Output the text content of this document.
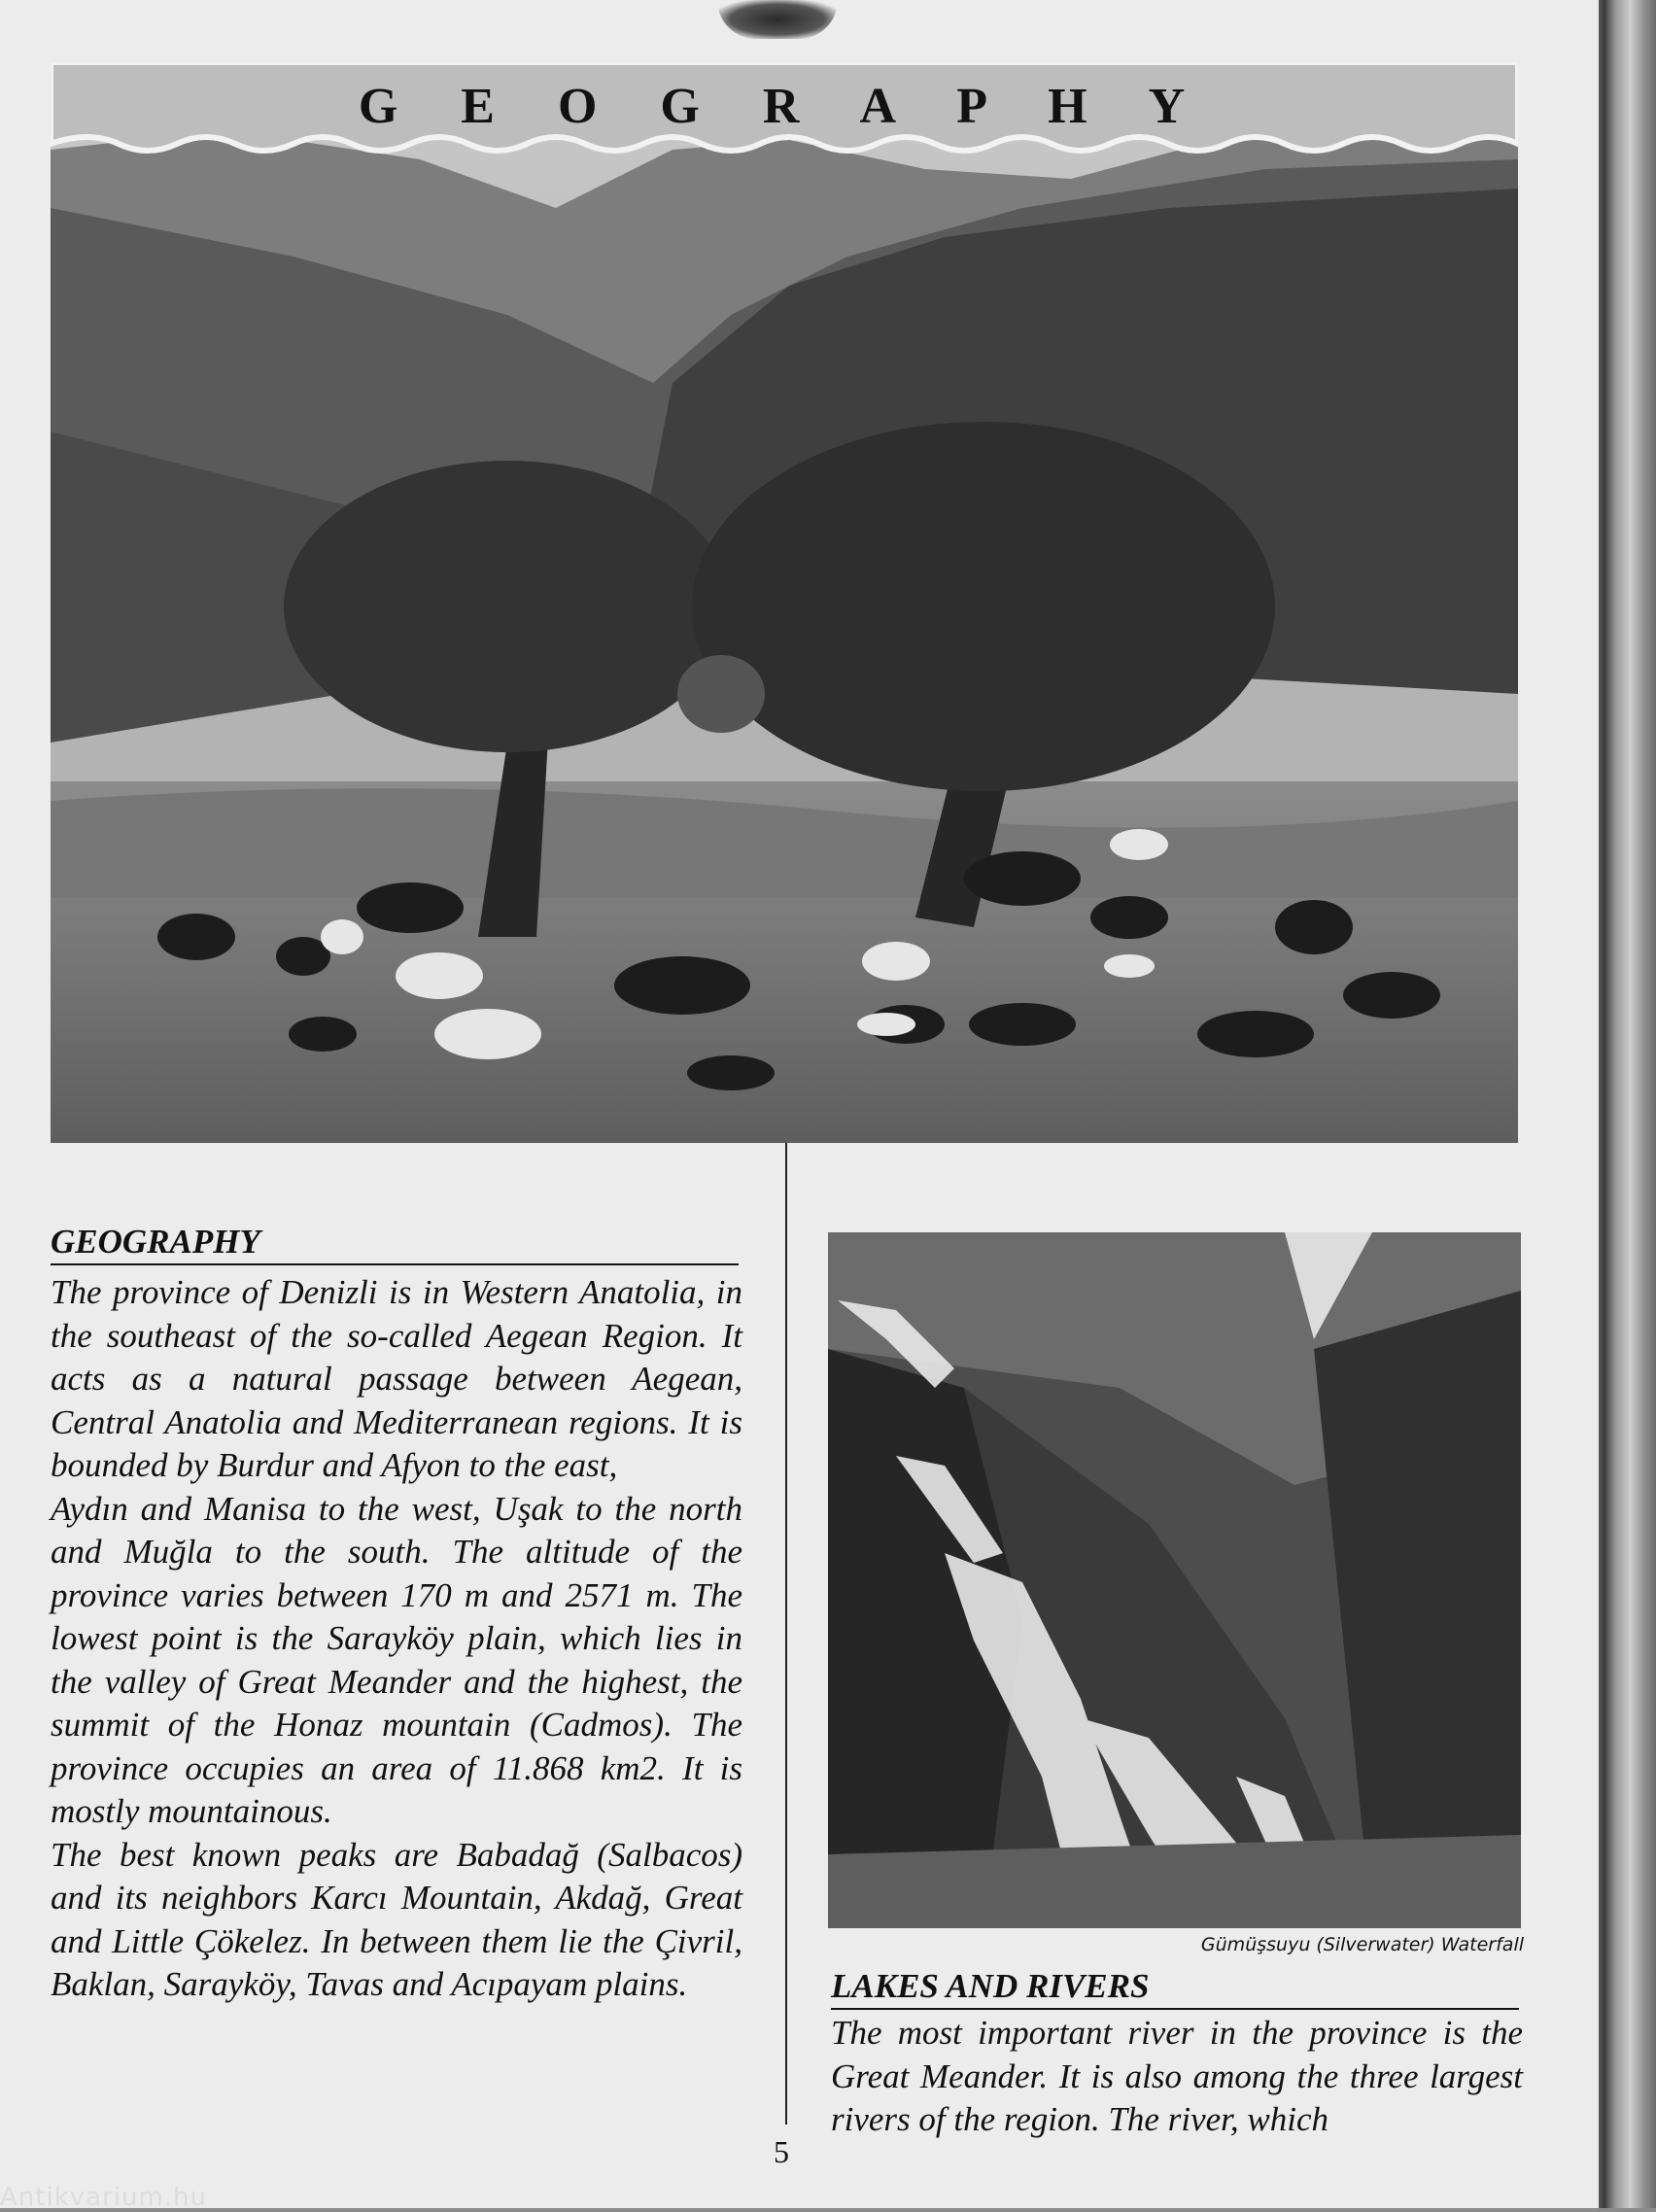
G E O G R A P H Y
GEOGRAPHY

The province of Denizli is in Western Anatolia, in the southeast of the so-called Aegean Region. It acts as a natural passage between Aegean, Central Anatolia and Mediterranean regions. It is bounded by Burdur and Afyon to the east,

Aydın and Manisa to the west, Uşak to the north and Muğla to the south. The altitude of the province varies between 170 m and 2571 m. The lowest point is the Sarayköy plain, which lies in the valley of Great Meander and the highest, the summit of the Honaz mountain (Cadmos). The province occupies an area of 11.868 km2. It is mostly mountainous.

The best known peaks are Babadağ (Salbacos) and its neighbors Karcı Mountain, Akdağ, Great and Little Çökelez. In between them lie the Çivril, Baklan, Sarayköy, Tavas and Acıpayam plains.

Gümüşsuyu (Silverwater) Waterfall
LAKES AND RIVERS

The most important river in the province is the Great Meander. It is also among the three largest rivers of the region. The river, which

5
Antikvarium.hu
